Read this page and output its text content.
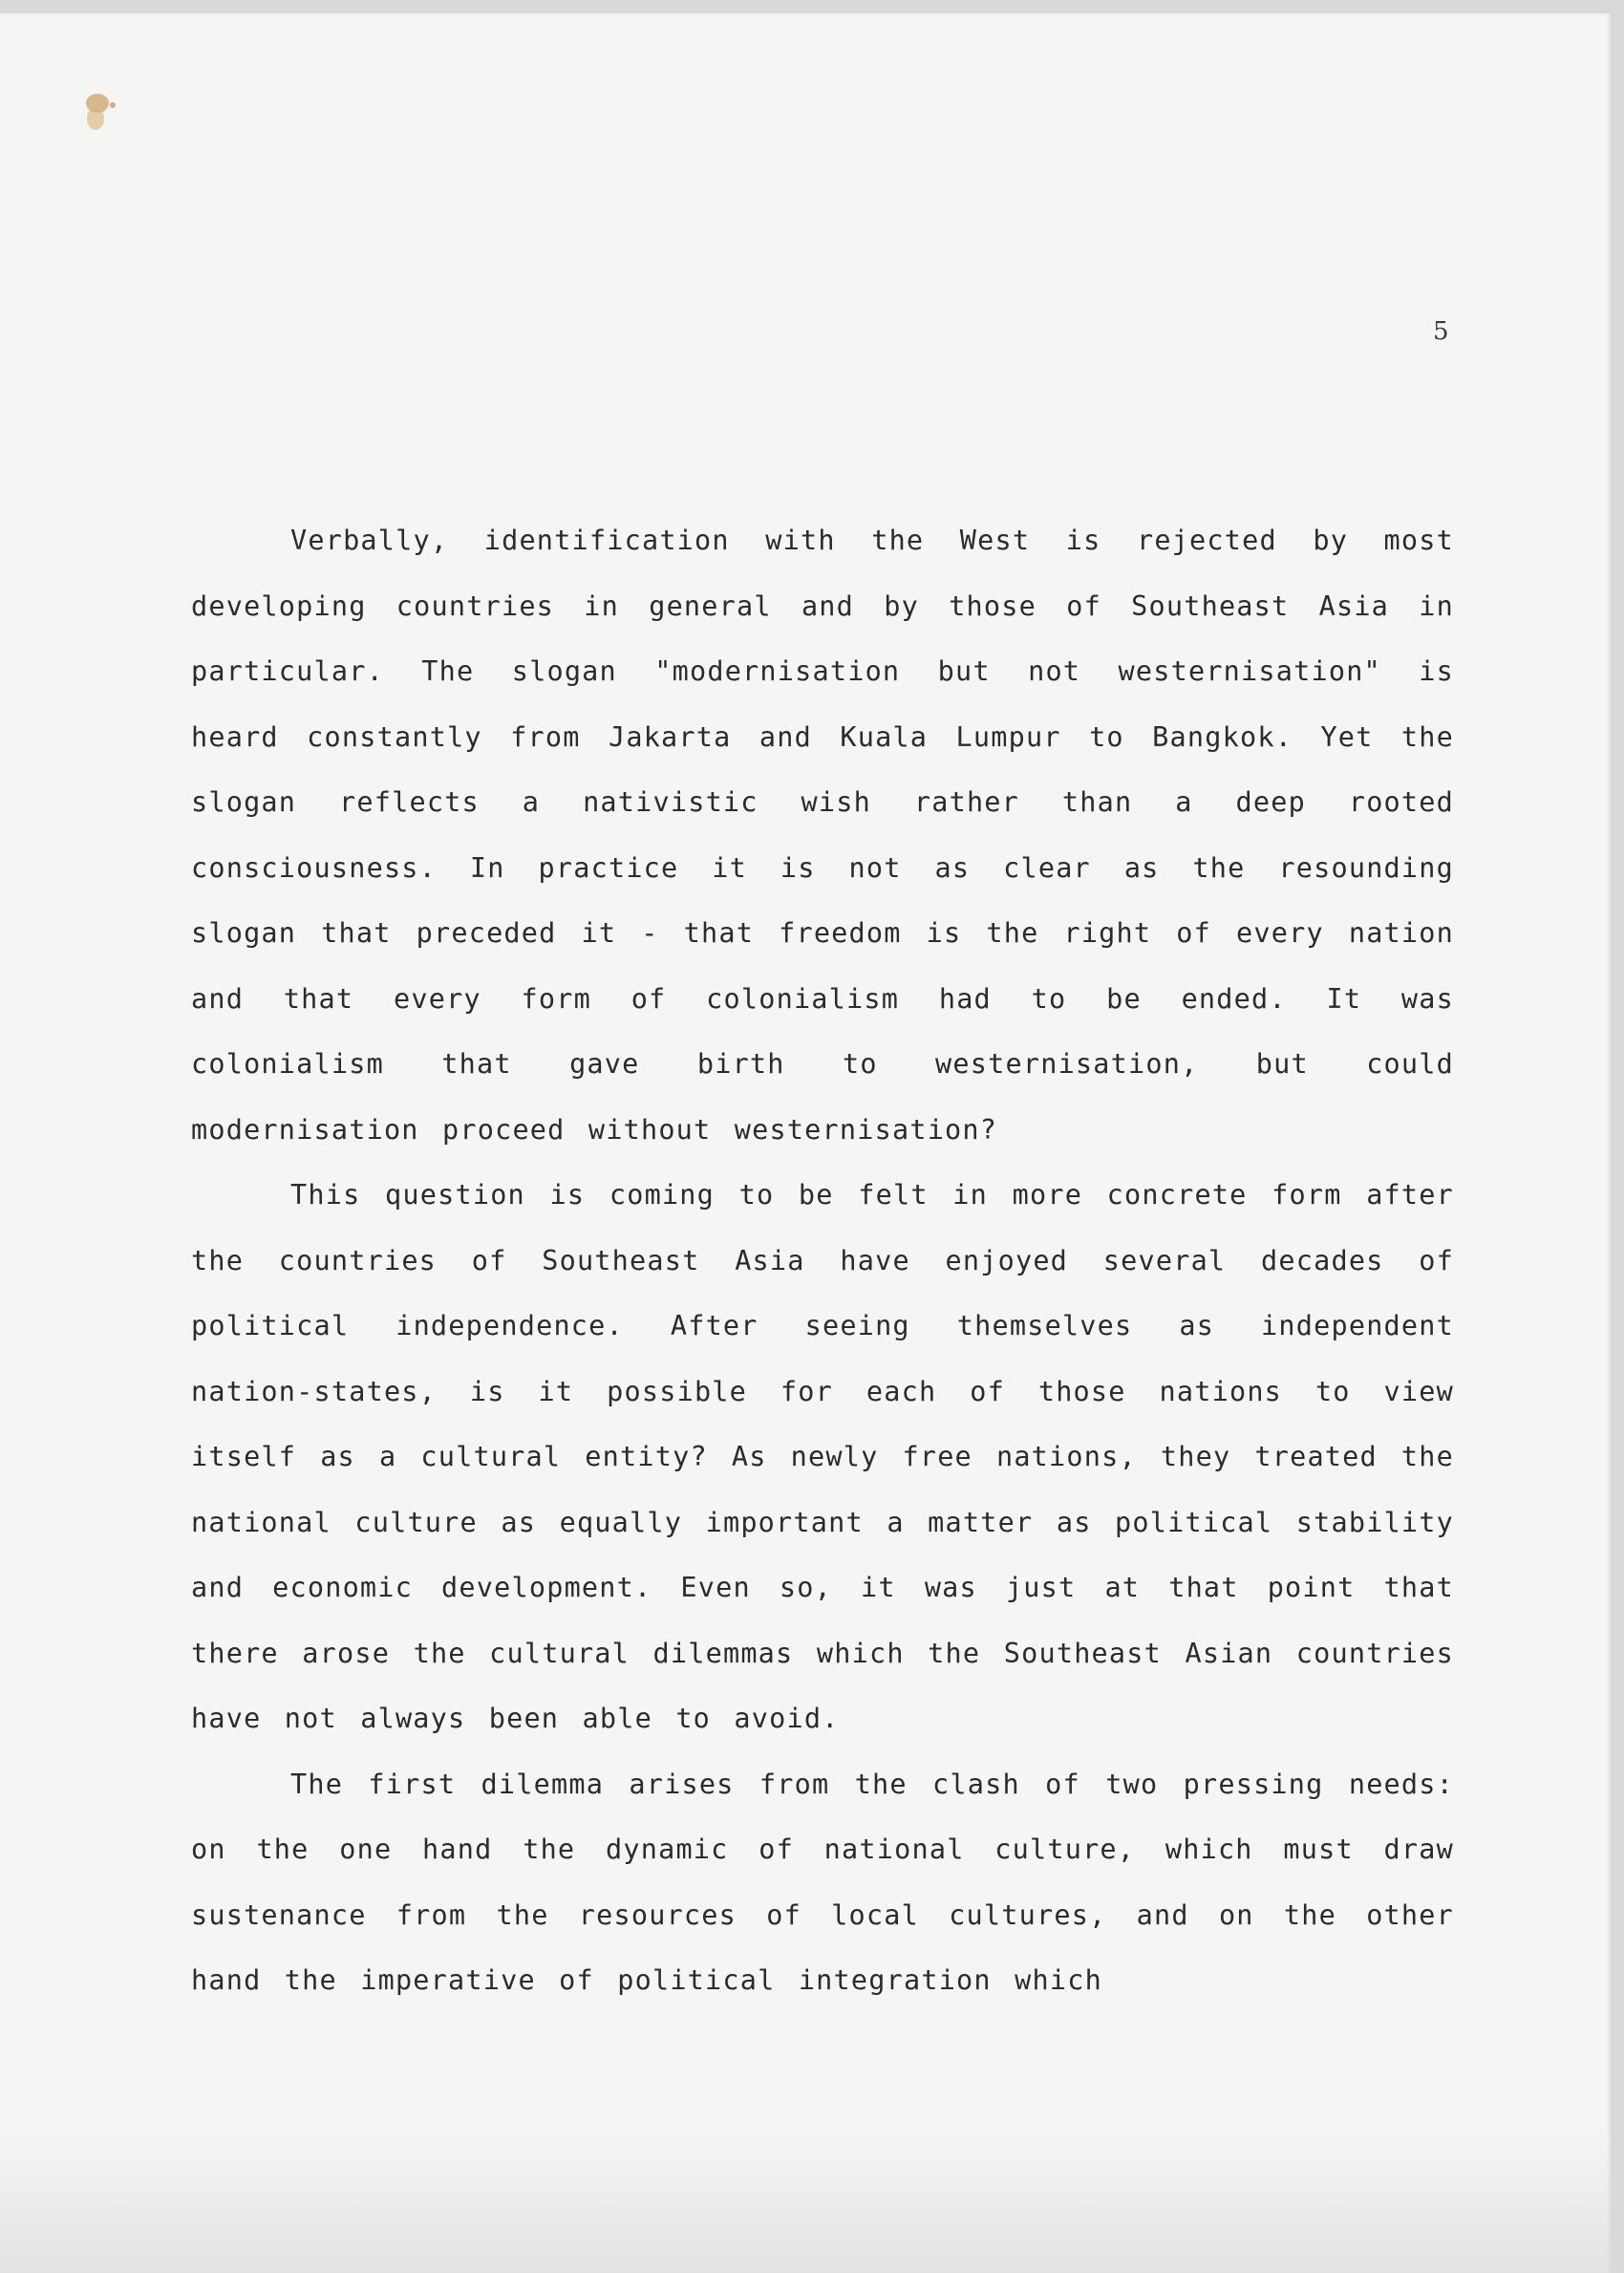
5

Verbally, identification with the West is rejected by most developing countries in general and by those of Southeast Asia in particular. The slogan "modernisation but not westernisation" is heard constantly from Jakarta and Kuala Lumpur to Bangkok. Yet the slogan reflects a nativistic wish rather than a deep rooted consciousness. In practice it is not as clear as the resounding slogan that preceded it - that freedom is the right of every nation and that every form of colonialism had to be ended. It was colonialism that gave birth to westernisation, but could modernisation proceed without westernisation?

This question is coming to be felt in more concrete form after the countries of Southeast Asia have enjoyed several decades of political independence. After seeing themselves as independent nation-states, is it possible for each of those nations to view itself as a cultural entity? As newly free nations, they treated the national culture as equally important a matter as political stability and economic development. Even so, it was just at that point that there arose the cultural dilemmas which the Southeast Asian countries have not always been able to avoid.

The first dilemma arises from the clash of two pressing needs: on the one hand the dynamic of national culture, which must draw sustenance from the resources of local cultures, and on the other hand the imperative of political integration which
